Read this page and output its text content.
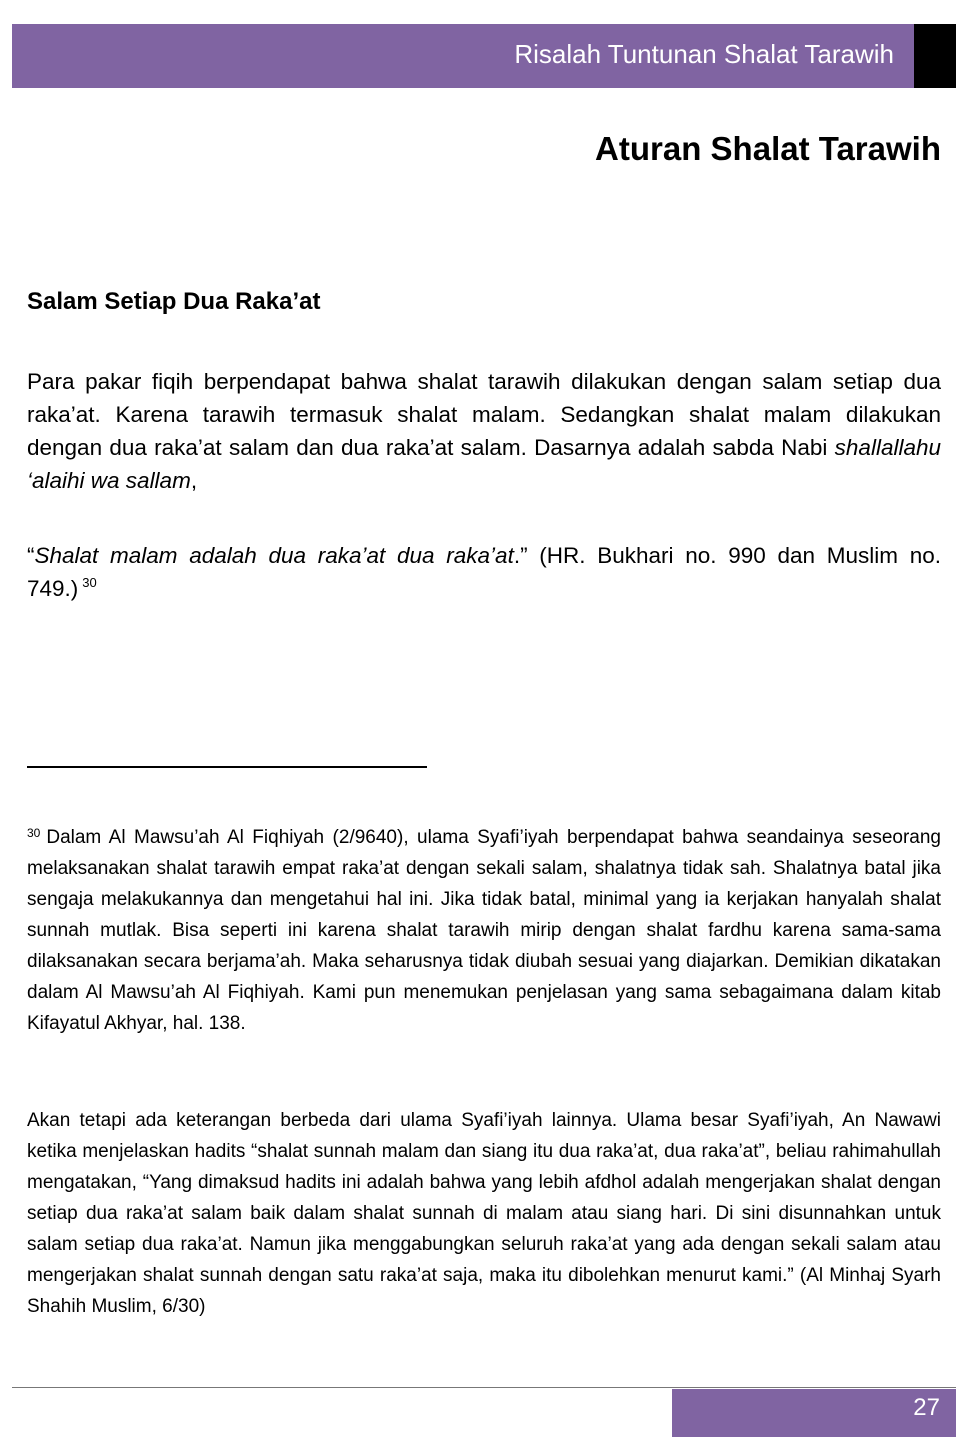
Risalah Tuntunan Shalat Tarawih
Aturan Shalat Tarawih
Salam Setiap Dua Raka’at
Para pakar fiqih berpendapat bahwa shalat tarawih dilakukan dengan salam setiap dua raka’at. Karena tarawih termasuk shalat malam. Sedangkan shalat malam dilakukan dengan dua raka’at salam dan dua raka’at salam. Dasarnya adalah sabda Nabi shallallahu ‘alaihi wa sallam,
“Shalat malam adalah dua raka’at dua raka’at.” (HR. Bukhari no. 990 dan Muslim no. 749.) $^{30}$
$^{30}$ Dalam Al Mawsu’ah Al Fiqhiyah (2/9640), ulama Syafi’iyah berpendapat bahwa seandainya seseorang melaksanakan shalat tarawih empat raka’at dengan sekali salam, shalatnya tidak sah. Shalatnya batal jika sengaja melakukannya dan mengetahui hal ini. Jika tidak batal, minimal yang ia kerjakan hanyalah shalat sunnah mutlak. Bisa seperti ini karena shalat tarawih mirip dengan shalat fardhu karena sama-sama dilaksanakan secara berjama’ah. Maka seharusnya tidak diubah sesuai yang diajarkan. Demikian dikatakan dalam Al Mawsu’ah Al Fiqhiyah. Kami pun menemukan penjelasan yang sama sebagaimana dalam kitab Kifayatul Akhyar, hal. 138.
Akan tetapi ada keterangan berbeda dari ulama Syafi’iyah lainnya. Ulama besar Syafi’iyah, An Nawawi ketika menjelaskan hadits “shalat sunnah malam dan siang itu dua raka’at, dua raka’at”, beliau rahimahullah mengatakan, “Yang dimaksud hadits ini adalah bahwa yang lebih afdhol adalah mengerjakan shalat dengan setiap dua raka’at salam baik dalam shalat sunnah di malam atau siang hari. Di sini disunnahkan untuk salam setiap dua raka’at. Namun jika menggabungkan seluruh raka’at yang ada dengan sekali salam atau mengerjakan shalat sunnah dengan satu raka’at saja, maka itu dibolehkan menurut kami.” (Al Minhaj Syarh Shahih Muslim, 6/30)
27
